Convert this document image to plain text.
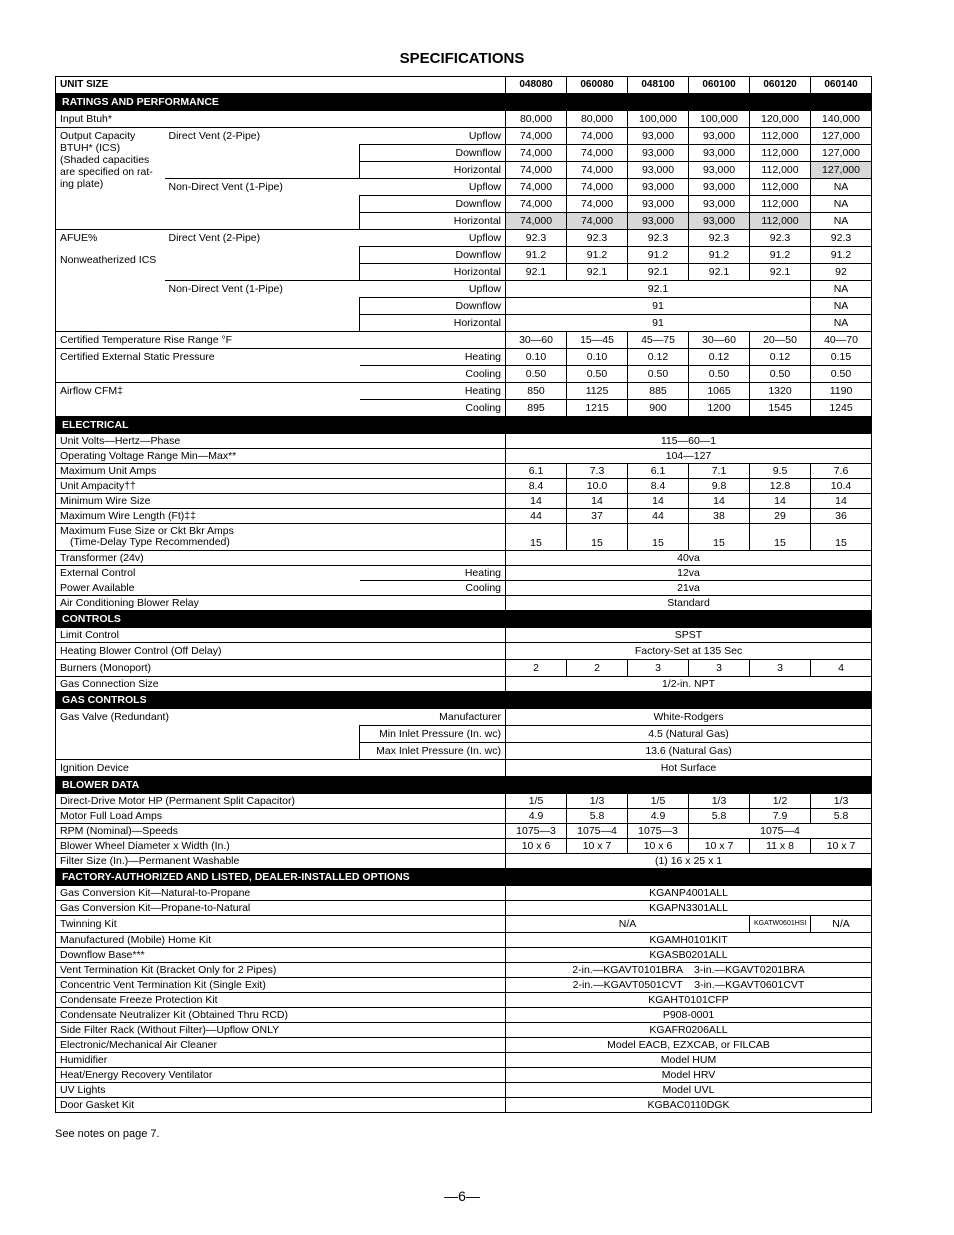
SPECIFICATIONS
UNIT SIZE			048080	060080	048100	060100	060120	060140
RATINGS AND PERFORMANCE								
Input Btuh*			80,000	80,000	100,000	100,000	120,000	140,000
Output Capacity BTUH* (ICS) (Shaded capacities are specified on rat-ing plate)	Direct Vent (2-Pipe)	Upflow	74,000	74,000	93,000	93,000	112,000	127,000
		Downflow	74,000	74,000	93,000	93,000	112,000	127,000
		Horizontal	74,000	74,000	93,000	93,000	112,000	127,000
	Non-Direct Vent (1-Pipe)	Upflow	74,000	74,000	93,000	93,000	112,000	NA
		Downflow	74,000	74,000	93,000	93,000	112,000	NA
		Horizontal	74,000	74,000	93,000	93,000	112,000	NA

AFUE%
Nonweatherized ICS	Direct Vent (2-Pipe)	Upflow	92.3	92.3	92.3	92.3	92.3	92.3
		Downflow	91.2	91.2	91.2	91.2	91.2	91.2
		Horizontal	92.1	92.1	92.1	92.1	92.1	92
	Non-Direct Vent (1-Pipe)	Upflow	92.1					NA
		Downflow	91					NA
		Horizontal	91					NA
Certified Temperature Rise Range °F			30—60	15—45	45—75	30—60	20—50	40—70
Certified External Static Pressure		Heating	0.10	0.10	0.12	0.12	0.12	0.15
		Cooling	0.50	0.50	0.50	0.50	0.50	0.50
Airflow CFM‡		Heating	850	1125	885	1065	1320	1190
		Cooling	895	1215	900	1200	1545	1245
ELECTRICAL								
Unit Volts—Hertz—Phase			115—60—1					
Operating Voltage Range Min—Max**			104—127					
Maximum Unit Amps			6.1	7.3	6.1	7.1	9.5	7.6
Unit Ampacity††			8.4	10.0	8.4	9.8	12.8	10.4
Minimum Wire Size			14	14	14	14	14	14
Maximum Wire Length (Ft)‡‡			44	37	44	38	29	36

Maximum Fuse Size or Ckt Bkr Amps
(Time-Delay Type Recommended)			15	15	15	15	15	15
Transformer (24v)			40va					
External Control		Heating	12va					
Power Available		Cooling	21va					
Air Conditioning Blower Relay			Standard					
CONTROLS								
Limit Control			SPST					
Heating Blower Control (Off Delay)			Factory-Set at 135 Sec					
Burners (Monoport)			2	2	3	3	3	4
Gas Connection Size			1/2-in. NPT					
GAS CONTROLS								
Gas Valve (Redundant)		Manufacturer	White-Rodgers					
		Min Inlet Pressure (In. wc)	4.5 (Natural Gas)					
		Max Inlet Pressure (In. wc)	13.6 (Natural Gas)					
Ignition Device			Hot Surface					
BLOWER DATA								
Direct-Drive Motor HP (Permanent Split Capacitor)			1/5	1/3	1/5	1/3	1/2	1/3
Motor Full Load Amps			4.9	5.8	4.9	5.8	7.9	5.8
RPM (Nominal)—Speeds			1075—3	1075—4	1075—3		1075—4	
Blower Wheel Diameter x Width (In.)			10 x 6	10 x 7	10 x 6	10 x 7	11 x 8	10 x 7
Filter Size (In.)—Permanent Washable			(1) 16 x 25 x 1					
FACTORY-AUTHORIZED AND LISTED, DEALER-INSTALLED OPTIONS								
Gas Conversion Kit—Natural-to-Propane			KGANP4001ALL					
Gas Conversion Kit—Propane-to-Natural			KGAPN3301ALL					
Twinning Kit			N/A				KGATW0601HSI	N/A
Manufactured (Mobile) Home Kit			KGAMH0101KIT					
Downflow Base***			KGASB0201ALL					
Vent Termination Kit (Bracket Only for 2 Pipes)			2-in.—KGAVT0101BRA    3-in.—KGAVT0201BRA					
Concentric Vent Termination Kit (Single Exit)			2-in.—KGAVT0501CVT    3-in.—KGAVT0601CVT					
Condensate Freeze Protection Kit			KGAHT0101CFP					
Condensate Neutralizer Kit (Obtained Thru RCD)			P908-0001					
Side Filter Rack (Without Filter)—Upflow ONLY			KGAFR0206ALL					
Electronic/Mechanical Air Cleaner			Model EACB, EZXCAB, or FILCAB					
Humidifier			Model HUM					
Heat/Energy Recovery Ventilator			Model HRV					
UV Lights			Model UVL					
Door Gasket Kit			KGBAC0110DGK					
See notes on page 7.
—6—
